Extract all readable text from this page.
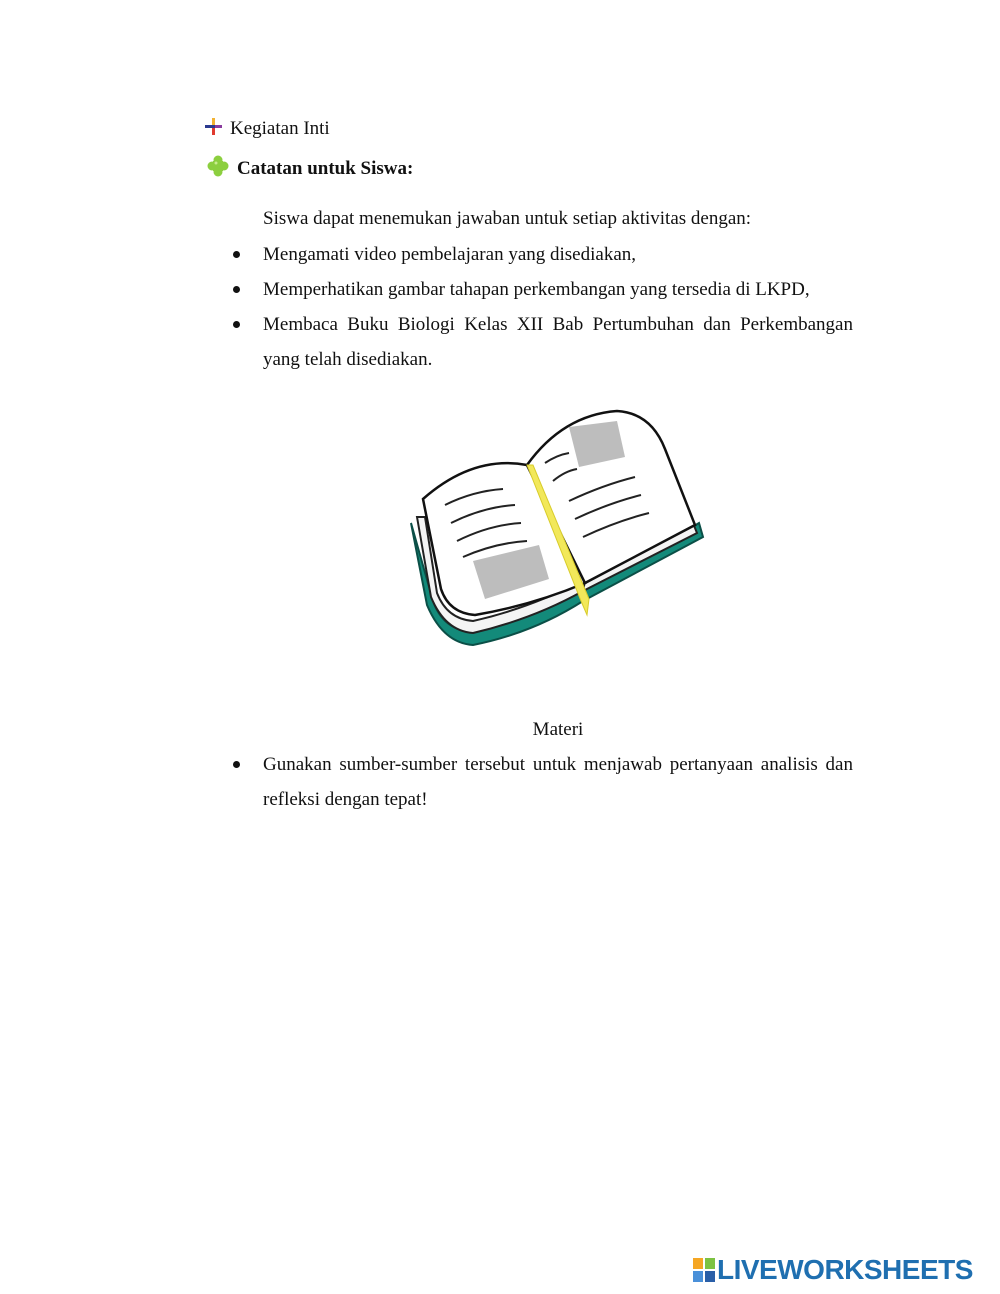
Kegiatan Inti
Catatan untuk Siswa:
Siswa dapat menemukan jawaban untuk setiap aktivitas dengan:
Mengamati video pembelajaran yang disediakan,
Memperhatikan gambar tahapan perkembangan yang tersedia di LKPD,
Membaca Buku Biologi Kelas XII Bab Pertumbuhan dan Perkembangan yang telah disediakan.
Materi
Gunakan sumber-sumber tersebut untuk menjawab pertanyaan analisis dan refleksi dengan tepat!
LIVEWORKSHEETS
